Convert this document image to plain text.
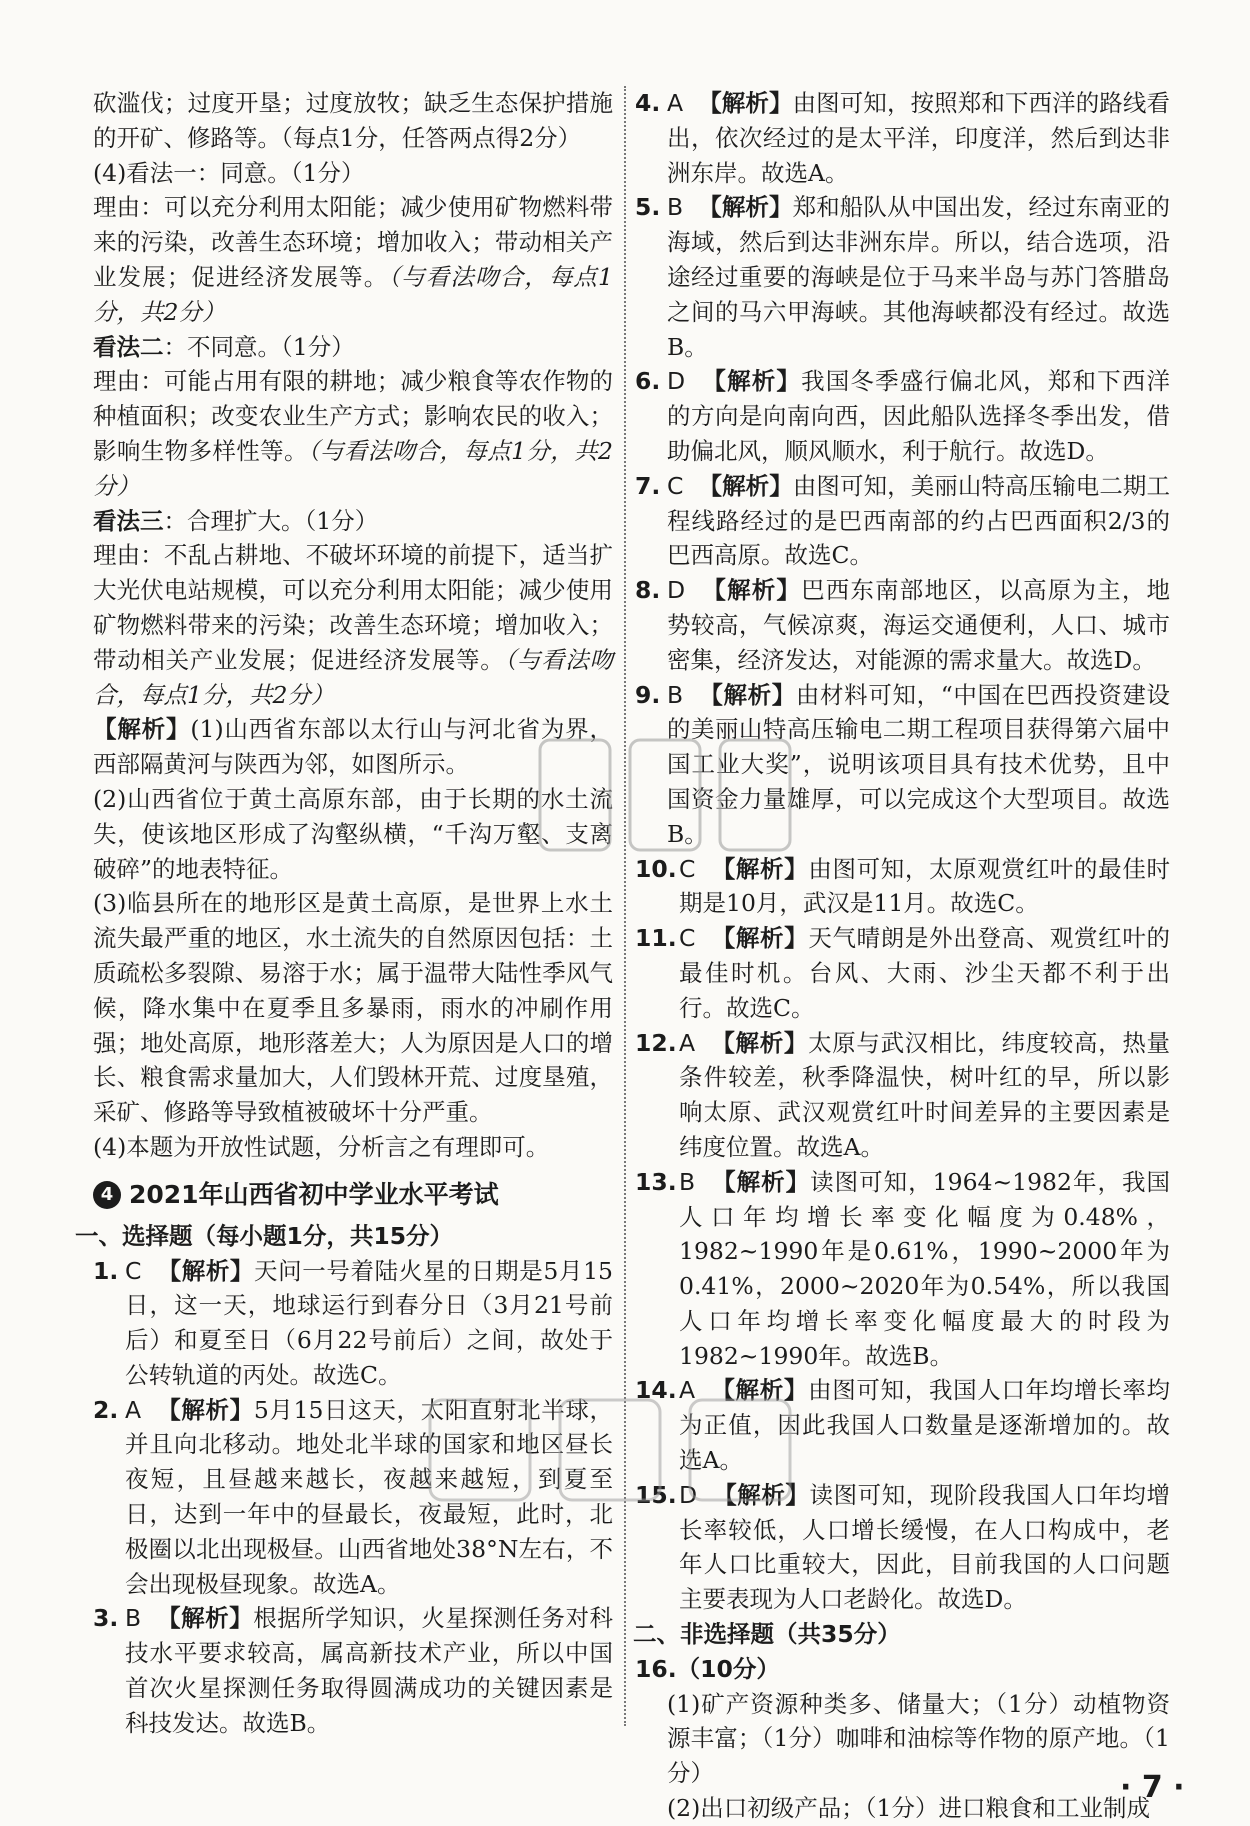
砍滥伐；过度开垦；过度放牧；缺乏生态保护措施的开矿、修路等。（每点1分，任答两点得2分）

(4)看法一：同意。（1分）

理由：可以充分利用太阳能；减少使用矿物燃料带来的污染，改善生态环境；增加收入；带动相关产业发展；促进经济发展等。（与看法吻合，每点1分，共2分）

看法二：不同意。（1分）

理由：可能占用有限的耕地；减少粮食等农作物的种植面积；改变农业生产方式；影响农民的收入；影响生物多样性等。（与看法吻合，每点1分，共2分）

看法三：合理扩大。（1分）

理由：不乱占耕地、不破坏环境的前提下，适当扩大光伏电站规模，可以充分利用太阳能；减少使用矿物燃料带来的污染；改善生态环境；增加收入；带动相关产业发展；促进经济发展等。（与看法吻合，每点1分，共2分）

【解析】(1)山西省东部以太行山与河北省为界，西部隔黄河与陕西为邻，如图所示。

(2)山西省位于黄土高原东部，由于长期的水土流失，使该地区形成了沟壑纵横，“千沟万壑、支离破碎”的地表特征。

(3)临县所在的地形区是黄土高原，是世界上水土流失最严重的地区，水土流失的自然原因包括：土质疏松多裂隙、易溶于水；属于温带大陆性季风气候，降水集中在夏季且多暴雨，雨水的冲刷作用强；地处高原，地形落差大；人为原因是人口的增长、粮食需求量加大，人们毁林开荒、过度垦殖，采矿、修路等导致植被破坏十分严重。

(4)本题为开放性试题，分析言之有理即可。

4 2021年山西省初中学业水平考试

一、选择题（每小题1分，共15分）

1. C 【解析】天问一号着陆火星的日期是5月15日，这一天，地球运行到春分日（3月21号前后）和夏至日（6月22号前后）之间，故处于公转轨道的丙处。故选C。

2. A 【解析】5月15日这天，太阳直射北半球，并且向北移动。地处北半球的国家和地区昼长夜短，且昼越来越长，夜越来越短，到夏至日，达到一年中的昼最长，夜最短，此时，北极圈以北出现极昼。山西省地处38°N左右，不会出现极昼现象。故选A。

3. B 【解析】根据所学知识，火星探测任务对科技水平要求较高，属高新技术产业，所以中国首次火星探测任务取得圆满成功的关键因素是科技发达。故选B。

4. A 【解析】由图可知，按照郑和下西洋的路线看出，依次经过的是太平洋，印度洋，然后到达非洲东岸。故选A。

5. B 【解析】郑和船队从中国出发，经过东南亚的海域，然后到达非洲东岸。所以，结合选项，沿途经过重要的海峡是位于马来半岛与苏门答腊岛之间的马六甲海峡。其他海峡都没有经过。故选B。

6. D 【解析】我国冬季盛行偏北风，郑和下西洋的方向是向南向西，因此船队选择冬季出发，借助偏北风，顺风顺水，利于航行。故选D。

7. C 【解析】由图可知，美丽山特高压输电二期工程线路经过的是巴西南部的约占巴西面积2/3的巴西高原。故选C。

8. D 【解析】巴西东南部地区，以高原为主，地势较高，气候凉爽，海运交通便利，人口、城市密集，经济发达，对能源的需求量大。故选D。

9. B 【解析】由材料可知，“中国在巴西投资建设的美丽山特高压输电二期工程项目获得第六届中国工业大奖”，说明该项目具有技术优势，且中国资金力量雄厚，可以完成这个大型项目。故选B。

10. C 【解析】由图可知，太原观赏红叶的最佳时期是10月，武汉是11月。故选C。

11. C 【解析】天气晴朗是外出登高、观赏红叶的最佳时机。台风、大雨、沙尘天都不利于出行。故选C。

12. A 【解析】太原与武汉相比，纬度较高，热量条件较差，秋季降温快，树叶红的早，所以影响太原、武汉观赏红叶时间差异的主要因素是纬度位置。故选A。

13. B 【解析】读图可知，1964~1982年，我国人口年均增长率变化幅度为0.48%，1982~1990年是0.61%，1990~2000年为0.41%，2000~2020年为0.54%，所以我国人口年均增长率变化幅度最大的时段为1982~1990年。故选B。

14. A 【解析】由图可知，我国人口年均增长率均为正值，因此我国人口数量是逐渐增加的。故选A。

15. D 【解析】读图可知，现阶段我国人口年均增长率较低，人口增长缓慢，在人口构成中，老年人口比重较大，因此，目前我国的人口问题主要表现为人口老龄化。故选D。

二、非选择题（共35分）

16.（10分）

(1)矿产资源种类多、储量大；（1分）动植物资源丰富；（1分）咖啡和油棕等作物的原产地。（1分）

(2)出口初级产品；（1分）进口粮食和工业制成

· 7 ·
